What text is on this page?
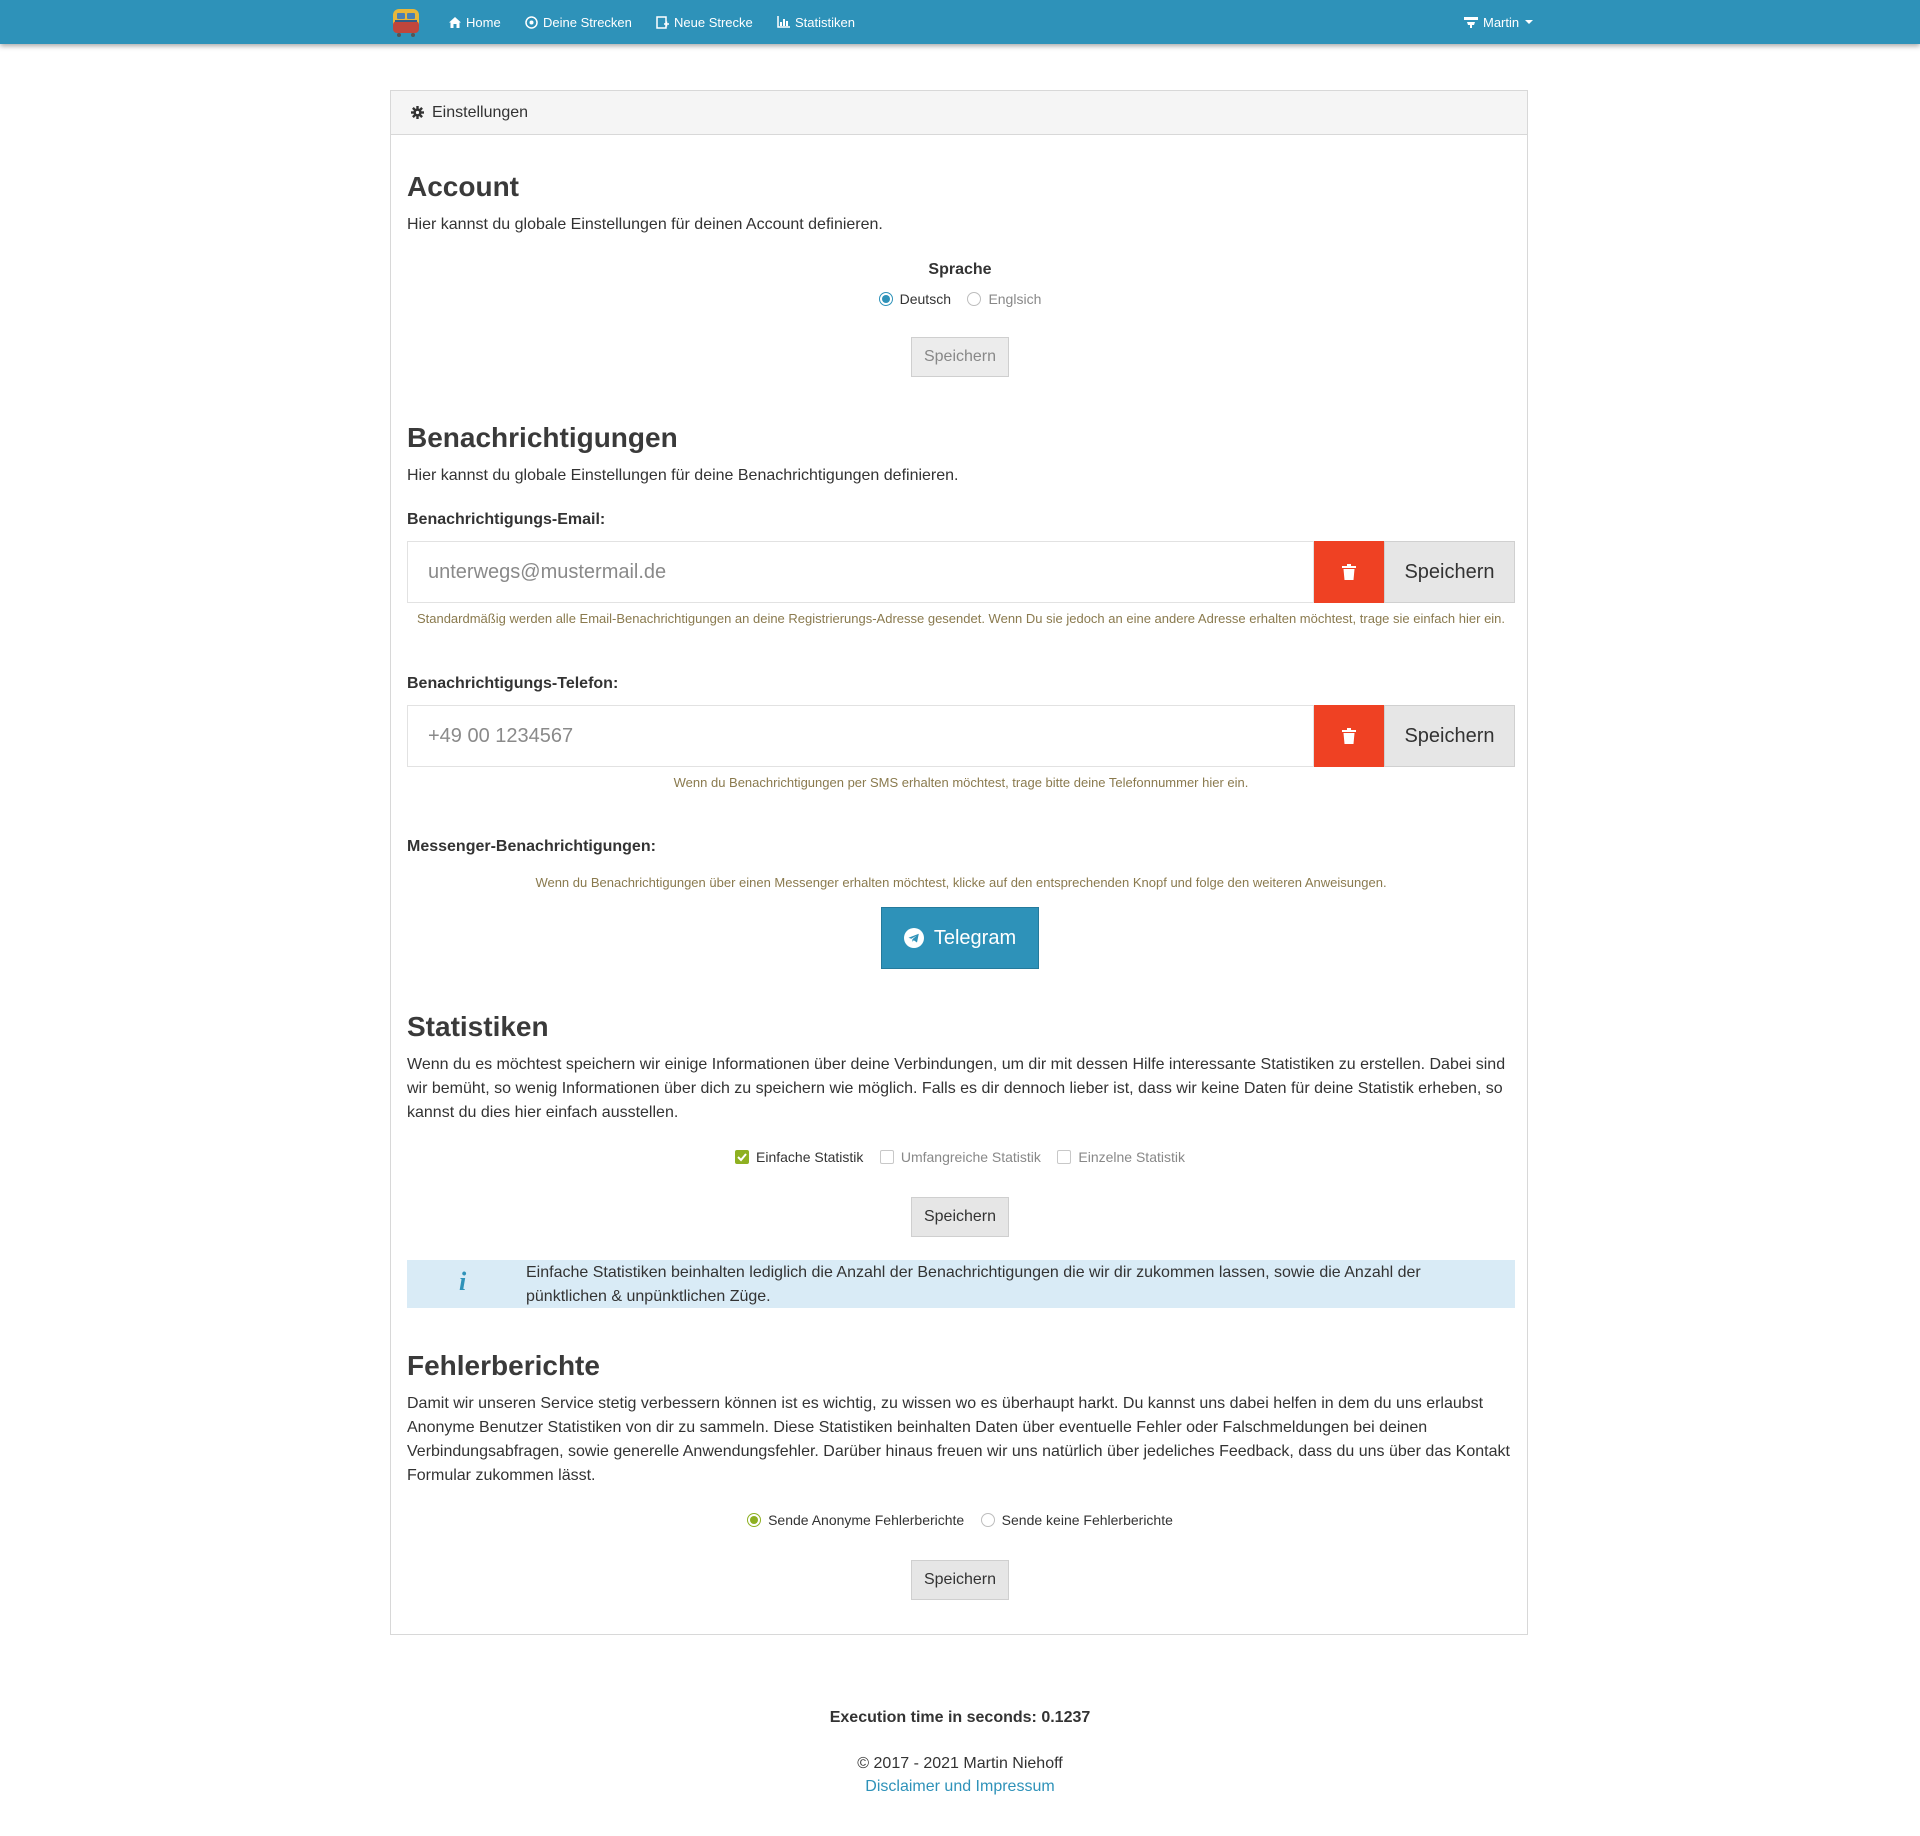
Home	Deine Strecken	Neue Strecke	Statistiken	Martin
Einstellungen
Account
Hier kannst du globale Einstellungen für deinen Account definieren.
Sprache
Deutsch
	Englsich
Speichern
Benachrichtigungen
Hier kannst du globale Einstellungen für deine Benachrichtigungen definieren.
Benachrichtigungs-Email:
unterwegs@mustermail.de
Speichern
Standardmäßig werden alle Email-Benachrichtigungen an deine Registrierungs-Adresse gesendet. Wenn Du sie jedoch an eine andere Adresse erhalten möchtest, trage sie einfach hier ein.
Benachrichtigungs-Telefon:
+49 00 1234567
Speichern
Wenn du Benachrichtigungen per SMS erhalten möchtest, trage bitte deine Telefonnummer hier ein.
Messenger-Benachrichtigungen:
Wenn du Benachrichtigungen über einen Messenger erhalten möchtest, klicke auf den entsprechenden Knopf und folge den weiteren Anweisungen.
Telegram
Statistiken
Wenn du es möchtest speichern wir einige Informationen über deine Verbindungen, um dir mit dessen Hilfe interessante Statistiken zu erstellen. Dabei sind wir bemüht, so wenig Informationen über dich zu speichern wie möglich. Falls es dir dennoch lieber ist, dass wir keine Daten für deine Statistik erheben, so kannst du dies hier einfach ausstellen.
Einfache Statistik
	Umfangreiche Statistik
	Einzelne Statistik
Speichern
i	Einfache Statistiken beinhalten lediglich die Anzahl der Benachrichtigungen die wir dir zukommen lassen, sowie die Anzahl der pünktlichen & unpünktlichen Züge.
Fehlerberichte
Damit wir unseren Service stetig verbessern können ist es wichtig, zu wissen wo es überhaupt harkt. Du kannst uns dabei helfen in dem du uns erlaubst Anonyme Benutzer Statistiken von dir zu sammeln. Diese Statistiken beinhalten Daten über eventuelle Fehler oder Falschmeldungen bei deinen Verbindungsabfragen, sowie generelle Anwendungsfehler. Darüber hinaus freuen wir uns natürlich über jedeliches Feedback, dass du uns über das Kontakt Formular zukommen lässt.
Sende Anonyme Fehlerberichte
	Sende keine Fehlerberichte
Speichern
Execution time in seconds: 0.1237
© 2017 - 2021 Martin Niehoff
Disclaimer und Impressum
